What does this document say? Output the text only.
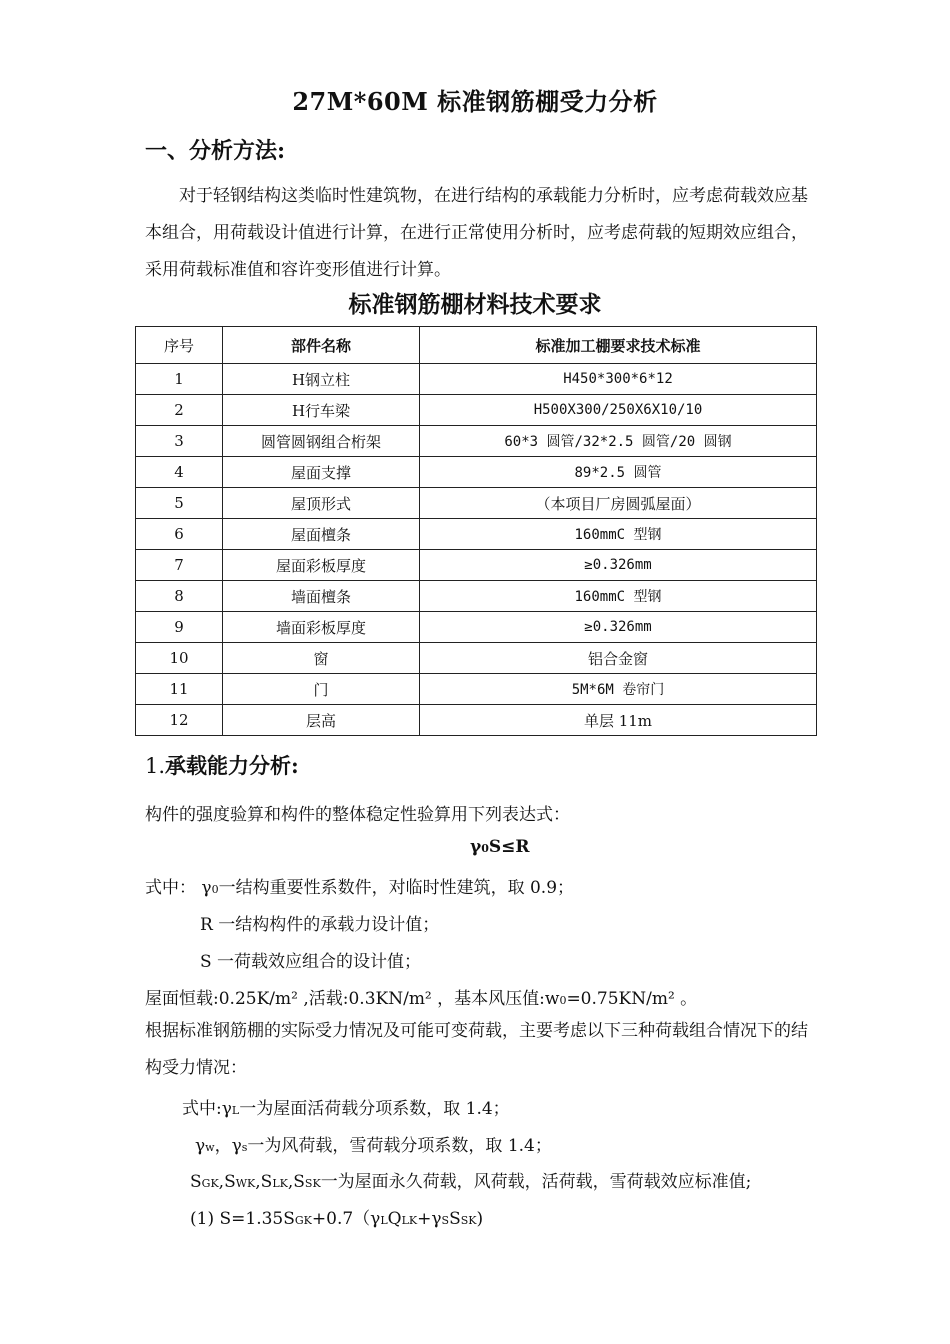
27M*60M 标准钢筋棚受力分析
一、分析方法:
对于轻钢结构这类临时性建筑物，在进行结构的承载能力分析时，应考虑荷载效应基本组合，用荷载设计值进行计算，在进行正常使用分析时，应考虑荷载的短期效应组合，采用荷载标准值和容许变形值进行计算。
标准钢筋棚材料技术要求
序号	部件名称	标准加工棚要求技术标准
1	H钢立柱	H450*300*6*12
2	H行车梁	H500X300/250X6X10/10
3	圆管圆钢组合桁架	60*3 圆管/32*2.5 圆管/20 圆钢
4	屋面支撑	89*2.5 圆管
5	屋顶形式	（本项目厂房圆弧屋面）
6	屋面檀条	160mmC 型钢
7	屋面彩板厚度	≥0.326mm
8	墙面檀条	160mmC 型钢
9	墙面彩板厚度	≥0.326mm
10	窗	铝合金窗
11	门	5M*6M 卷帘门
12	层高	单层 11m
1.承载能力分析:
构件的强度验算和构件的整体稳定性验算用下列表达式：
γ0S≤R
式中： γ0一结构重要性系数件，对临时性建筑，取 0.9；
R 一结构构件的承载力设计值；
S 一荷载效应组合的设计值；
屋面恒载:0.25K/m² ,活载:0.3KN/m² ，基本风压值:w0=0.75KN/m² 。
根据标准钢筋棚的实际受力情况及可能可变荷载，主要考虑以下三种荷载组合情况下的结构受力情况：
式中:γL一为屋面活荷载分项系数，取 1.4；
γw，γs一为风荷载，雪荷载分项系数，取 1.4；
SGK,SWK,SLK,SSK一为屋面永久荷载，风荷载，活荷载，雪荷载效应标准值;
(1) S=1.35SGK+0.7（γLQLK+γSSSK)
